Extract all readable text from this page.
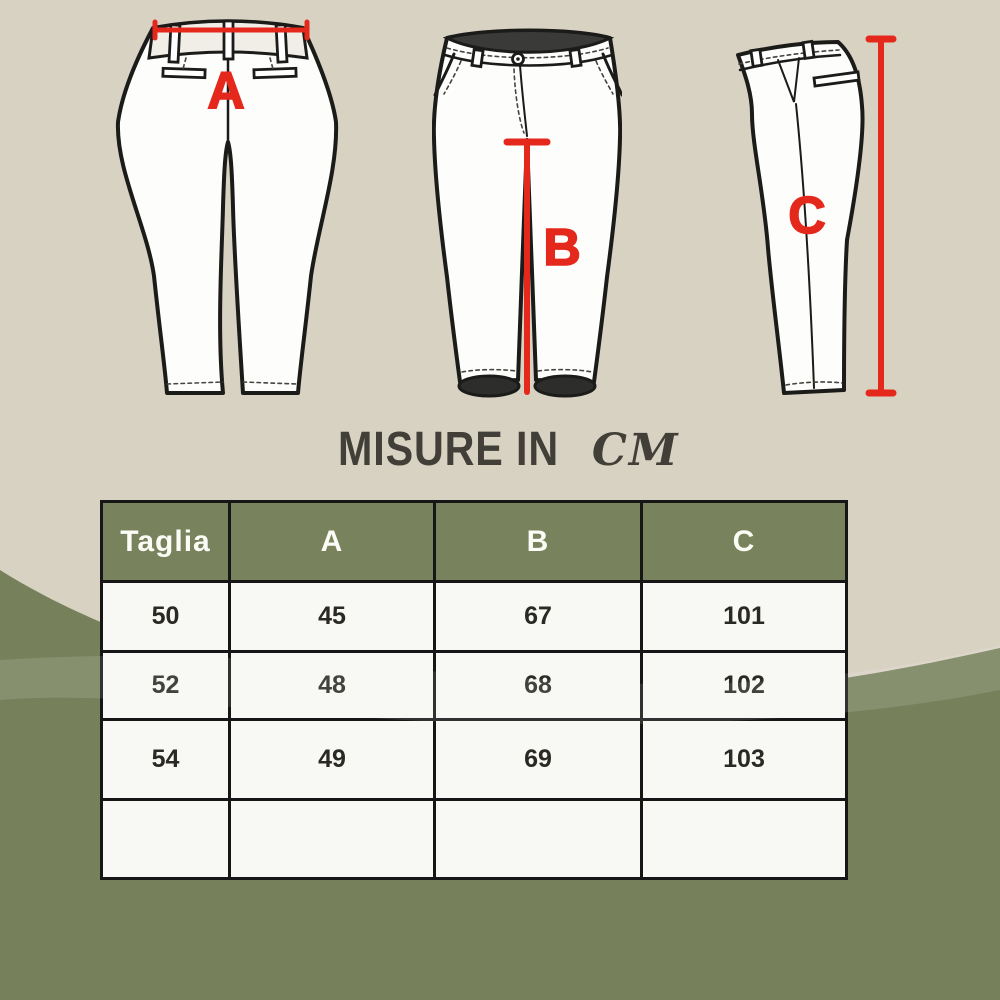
A
B
C
MISURE IN CM
Taglia	A	B	C
50	45	67	101
52	48	68	102
54	49	69	103
